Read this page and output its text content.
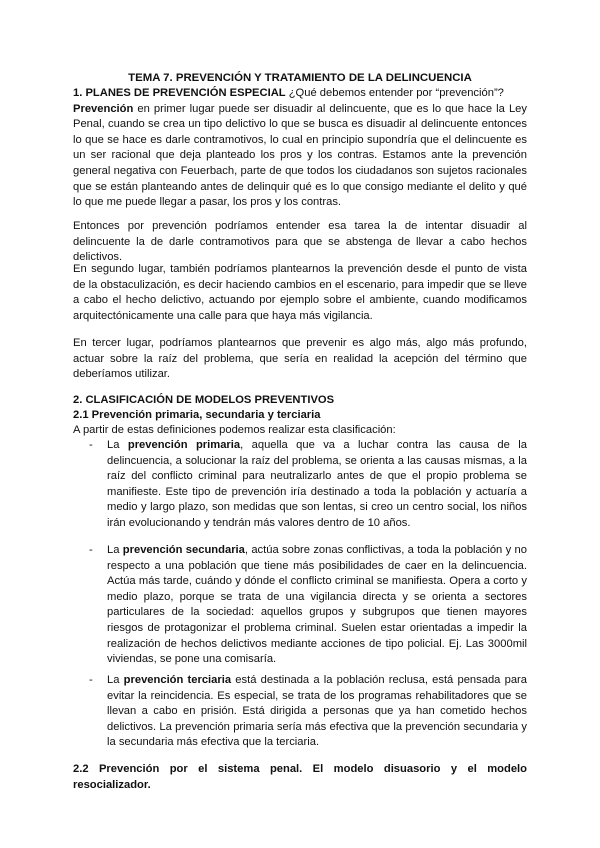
TEMA 7. PREVENCIÓN Y TRATAMIENTO DE LA DELINCUENCIA
1. PLANES DE PREVENCIÓN ESPECIAL ¿Qué debemos entender por “prevención”?
Prevención en primer lugar puede ser disuadir al delincuente, que es lo que hace la Ley Penal, cuando se crea un tipo delictivo lo que se busca es disuadir al delincuente entonces lo que se hace es darle contramotivos, lo cual en principio supondría que el delincuente es un ser racional que deja planteado los pros y los contras. Estamos ante la prevención general negativa con Feuerbach, parte de que todos los ciudadanos son sujetos racionales que se están planteando antes de delinquir qué es lo que consigo mediante el delito y qué lo que me puede llegar a pasar, los pros y los contras.
Entonces por prevención podríamos entender esa tarea la de intentar disuadir al delincuente la de darle contramotivos para que se abstenga de llevar a cabo hechos delictivos.
En segundo lugar, también podríamos plantearnos la prevención desde el punto de vista de la obstaculización, es decir haciendo cambios en el escenario, para impedir que se lleve a cabo el hecho delictivo, actuando por ejemplo sobre el ambiente, cuando modificamos arquitectónicamente una calle para que haya más vigilancia.
En tercer lugar, podríamos plantearnos que prevenir es algo más, algo más profundo, actuar sobre la raíz del problema, que sería en realidad la acepción del término que deberíamos utilizar.
2. CLASIFICACIÓN DE MODELOS PREVENTIVOS
2.1 Prevención primaria, secundaria y terciaria
A partir de estas definiciones podemos realizar esta clasificación:
-	La prevención primaria, aquella que va a luchar contra las causa de la delincuencia, a solucionar la raíz del problema, se orienta a las causas mismas, a la raíz del conflicto criminal para neutralizarlo antes de que el propio problema se manifieste. Este tipo de prevención iría destinado a toda la población y actuaría a medio y largo plazo, son medidas que son lentas, si creo un centro social, los niños irán evolucionando y tendrán más valores dentro de 10 años.
-	La prevención secundaria, actúa sobre zonas conflictivas, a toda la población y no respecto a una población que tiene más posibilidades de caer en la delincuencia. Actúa más tarde, cuándo y dónde el conflicto criminal se manifiesta. Opera a corto y medio plazo, porque se trata de una vigilancia directa y se orienta a sectores particulares de la sociedad: aquellos grupos y subgrupos que tienen mayores riesgos de protagonizar el problema criminal. Suelen estar orientadas a impedir la realización de hechos delictivos mediante acciones de tipo policial. Ej. Las 3000mil viviendas, se pone una comisaría.
-	La prevención terciaria está destinada a la población reclusa, está pensada para evitar la reincidencia. Es especial, se trata de los programas rehabilitadores que se llevan a cabo en prisión. Está dirigida a personas que ya han cometido hechos delictivos. La prevención primaria sería más efectiva que la prevención secundaria y la secundaria más efectiva que la terciaria.
2.2 Prevención por el sistema penal. El modelo disuasorio y el modelo resocializador.
